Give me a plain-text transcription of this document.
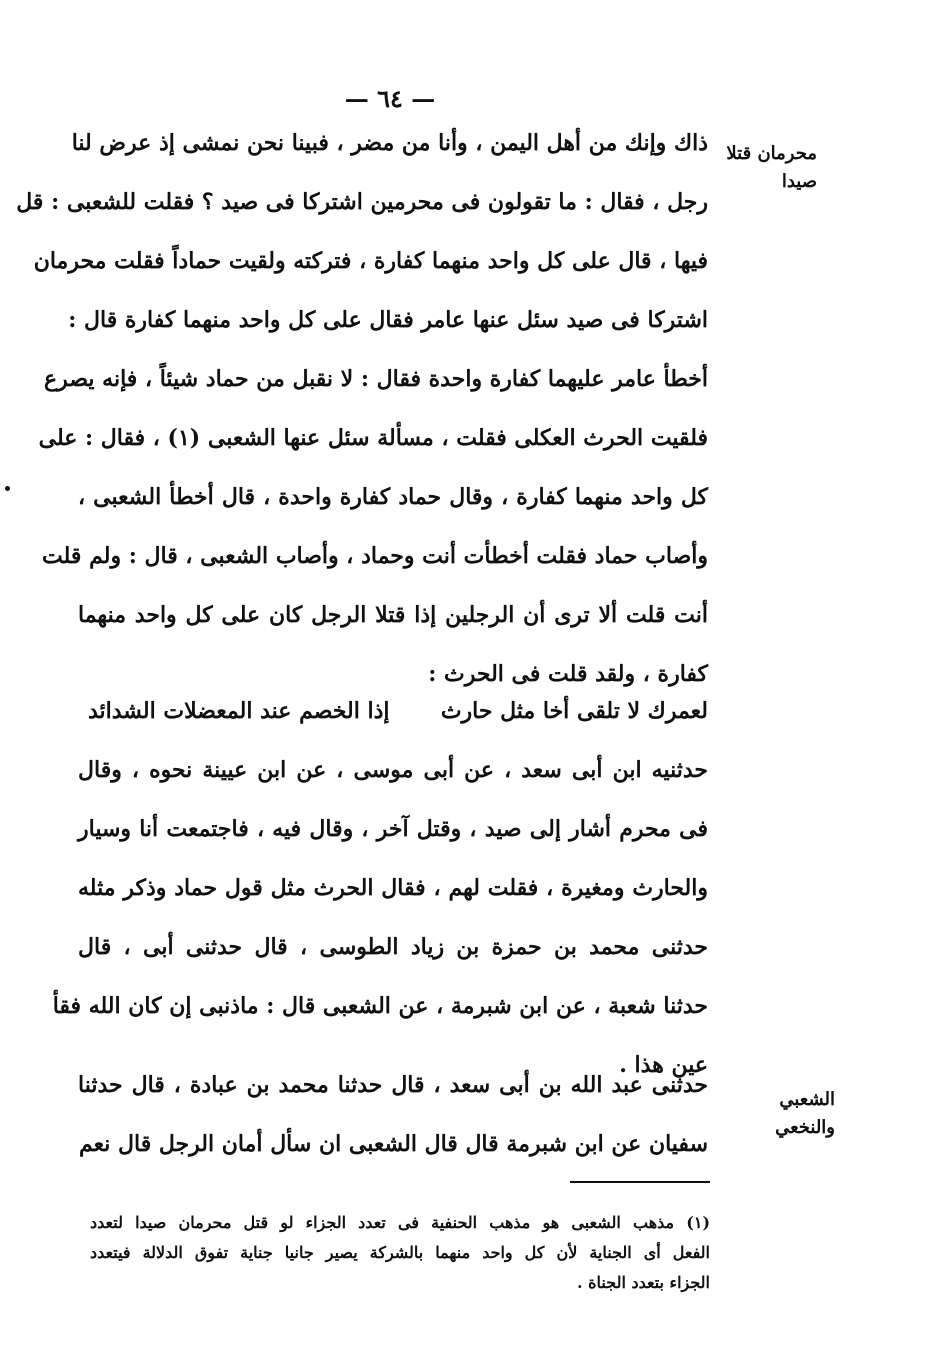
— ٦٤ —
محرمان قتلا صيدا
ذاك وإنك من أهل اليمن ، وأنا من مضر ، فبينا نحن نمشى إذ عرض لنا
رجل ، فقال : ما تقولون فى محرمين اشتركا فى صيد ؟ فقلت للشعبى : قل
فيها ، قال على كل واحد منهما كفارة ، فتركته ولقيت حماداً فقلت محرمان
اشتركا فى صيد سئل عنها عامر فقال على كل واحد منهما كفارة قال :
أخطأ عامر عليهما كفارة واحدة فقال : لا نقبل من حماد شيئاً ، فإنه يصرع
فلقيت الحرث العكلى فقلت ، مسألة سئل عنها الشعبى (١) ، فقال : على
كل واحد منهما كفارة ، وقال حماد كفارة واحدة ، قال أخطأ الشعبى ،
وأصاب حماد فقلت أخطأت أنت وحماد ، وأصاب الشعبى ، قال : ولم قلت
أنت قلت ألا ترى أن الرجلين إذا قتلا الرجل كان على كل واحد منهما
كفارة ، ولقد قلت فى الحرث :
لعمرك لا تلقى أخا مثل حارث  إذا الخصم عند المعضلات الشدائد
حدثنيه ابن أبى سعد ، عن أبى موسى ، عن ابن عيينة نحوه ، وقال
فى محرم أشار إلى صيد ، وقتل آخر ، وقال فيه ، فاجتمعت أنا وسيار
والحارث ومغيرة ، فقلت لهم ، فقال الحرث مثل قول حماد وذكر مثله
حدثنى محمد بن حمزة بن زياد الطوسى ، قال حدثنى أبى ، قال
حدثنا شعبة ، عن ابن شبرمة ، عن الشعبى قال : ماذنبى إن كان الله فقأ
عين هذا .
الشعبي والنخعي
حدثنى عبد الله بن أبى سعد ، قال حدثنا محمد بن عبادة ، قال حدثنا
سفيان عن ابن شبرمة قال قال الشعبى ان سأل أمان الرجل قال نعم
(١) مذهب الشعبى هو مذهب الحنفية فى تعدد الجزاء لو قتل محرمان صيدا لتعدد
الفعل أى الجناية لأن كل واحد منهما بالشركة يصير جانيا جناية تفوق الدلالة فيتعدد
الجزاء بتعدد الجناة .
